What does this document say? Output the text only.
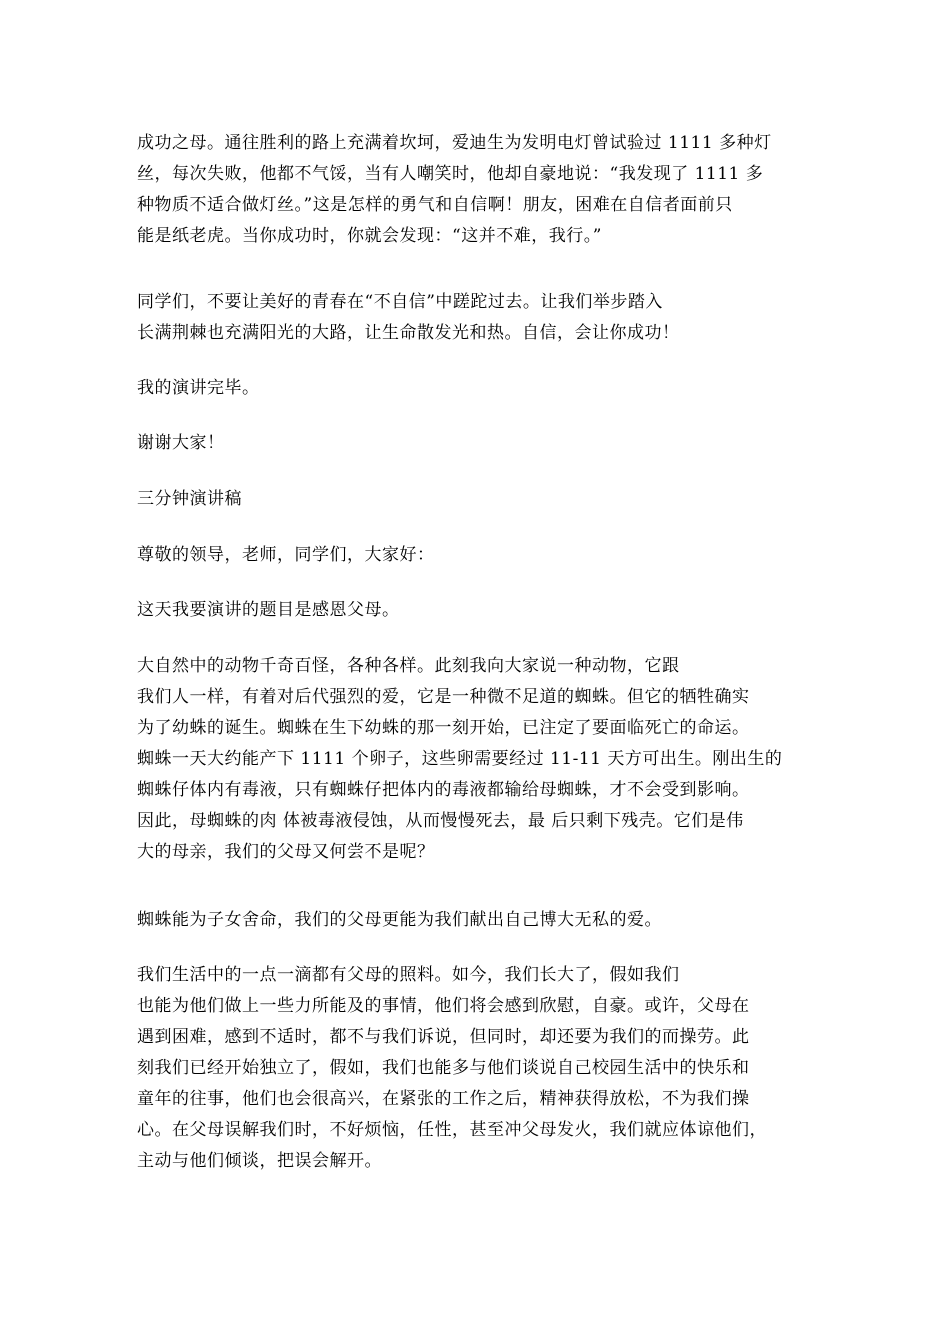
成功之母。通往胜利的路上充满着坎坷，爱迪生为发明电灯曾试验过 1111 多种灯
丝，每次失败，他都不气馁，当有人嘲笑时，他却自豪地说：“我发现了 1111 多
种物质不适合做灯丝。”这是怎样的勇气和自信啊！朋友，困难在自信者面前只
能是纸老虎。当你成功时，你就会发现：“这并不难，我行。”

同学们，不要让美好的青春在“不自信”中蹉跎过去。让我们举步踏入
长满荆棘也充满阳光的大路，让生命散发光和热。自信，会让你成功！

我的演讲完毕。

谢谢大家！

三分钟演讲稿

尊敬的领导，老师，同学们，大家好：

这天我要演讲的题目是感恩父母。

大自然中的动物千奇百怪，各种各样。此刻我向大家说一种动物，它跟
我们人一样，有着对后代强烈的爱，它是一种微不足道的蜘蛛。但它的牺牲确实
为了幼蛛的诞生。蜘蛛在生下幼蛛的那一刻开始，已注定了要面临死亡的命运。
蜘蛛一天大约能产下 1111 个卵子，这些卵需要经过 11-11 天方可出生。刚出生的
蜘蛛仔体内有毒液，只有蜘蛛仔把体内的毒液都输给母蜘蛛，才不会受到影响。
因此，母蜘蛛的肉 体被毒液侵蚀，从而慢慢死去，最 后只剩下残壳。它们是伟
大的母亲，我们的父母又何尝不是呢？

蜘蛛能为子女舍命，我们的父母更能为我们献出自己博大无私的爱。

我们生活中的一点一滴都有父母的照料。如今，我们长大了，假如我们
也能为他们做上一些力所能及的事情，他们将会感到欣慰，自豪。或许，父母在
遇到困难，感到不适时，都不与我们诉说，但同时，却还要为我们的而操劳。此
刻我们已经开始独立了，假如，我们也能多与他们谈说自己校园生活中的快乐和
童年的往事，他们也会很高兴，在紧张的工作之后，精神获得放松，不为我们操
心。在父母误解我们时，不好烦恼，任性，甚至冲父母发火，我们就应体谅他们，
主动与他们倾谈，把误会解开。
